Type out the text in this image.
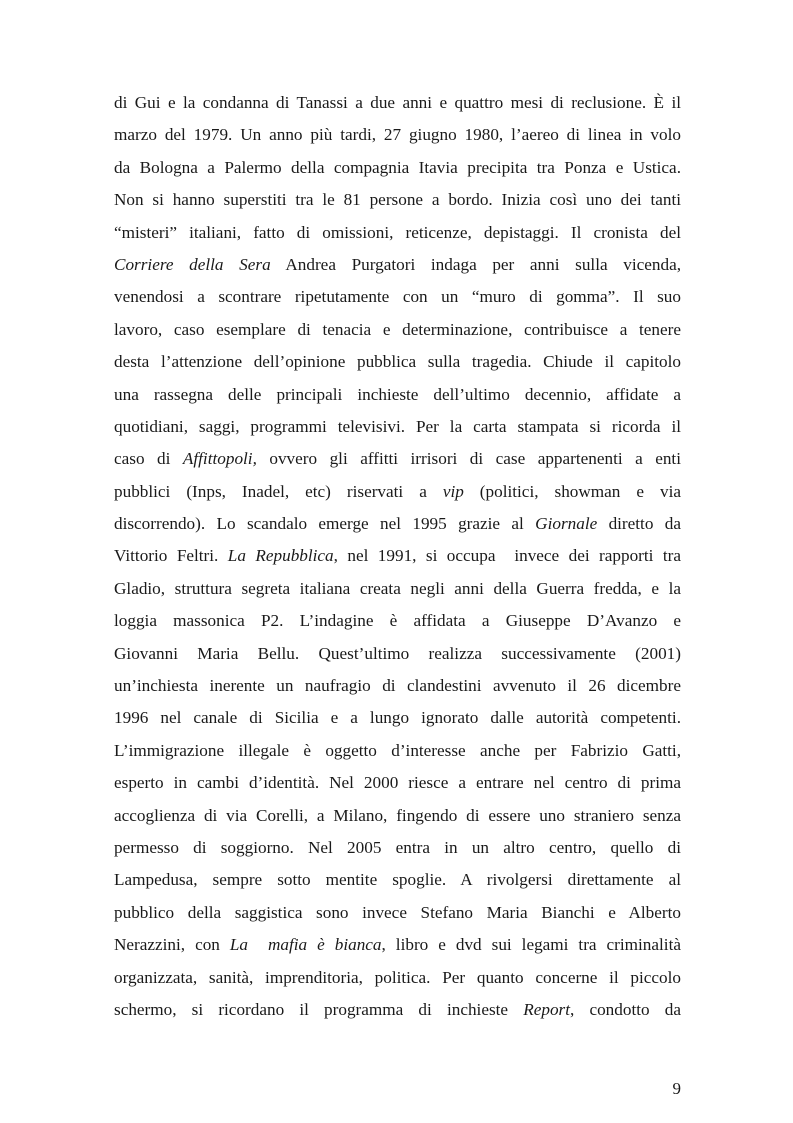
di Gui e la condanna di Tanassi a due anni e quattro mesi di reclusione. È il
marzo del 1979. Un anno più tardi, 27 giugno 1980, l’aereo di linea in volo
da Bologna a Palermo della compagnia Itavia precipita tra Ponza e Ustica.
Non si hanno superstiti tra le 81 persone a bordo. Inizia così uno dei tanti
“misteri” italiani, fatto di omissioni, reticenze, depistaggi. Il cronista del
Corriere della Sera Andrea Purgatori indaga per anni sulla vicenda,
venendosi a scontrare ripetutamente con un “muro di gomma”. Il suo
lavoro, caso esemplare di tenacia e determinazione, contribuisce a tenere
desta l’attenzione dell’opinione pubblica sulla tragedia. Chiude il capitolo
una rassegna delle principali inchieste dell’ultimo decennio, affidate a
quotidiani, saggi, programmi televisivi. Per la carta stampata si ricorda il
caso di Affittopoli, ovvero gli affitti irrisori di case appartenenti a enti
pubblici (Inps, Inadel, etc) riservati a vip (politici, showman e via
discorrendo). Lo scandalo emerge nel 1995 grazie al Giornale diretto da
Vittorio Feltri. La Repubblica, nel 1991, si occupa  invece dei rapporti tra
Gladio, struttura segreta italiana creata negli anni della Guerra fredda, e la
loggia massonica P2. L’indagine è affidata a Giuseppe D’Avanzo e
Giovanni Maria Bellu. Quest’ultimo realizza successivamente (2001)
un’inchiesta inerente un naufragio di clandestini avvenuto il 26 dicembre
1996 nel canale di Sicilia e a lungo ignorato dalle autorità competenti.
L’immigrazione illegale è oggetto d’interesse anche per Fabrizio Gatti,
esperto in cambi d’identità. Nel 2000 riesce a entrare nel centro di prima
accoglienza di via Corelli, a Milano, fingendo di essere uno straniero senza
permesso di soggiorno. Nel 2005 entra in un altro centro, quello di
Lampedusa, sempre sotto mentite spoglie. A rivolgersi direttamente al
pubblico della saggistica sono invece Stefano Maria Bianchi e Alberto
Nerazzini, con La  mafia è bianca, libro e dvd sui legami tra criminalità
organizzata, sanità, imprenditoria, politica. Per quanto concerne il piccolo
schermo, si ricordano il programma di inchieste Report, condotto da
9
